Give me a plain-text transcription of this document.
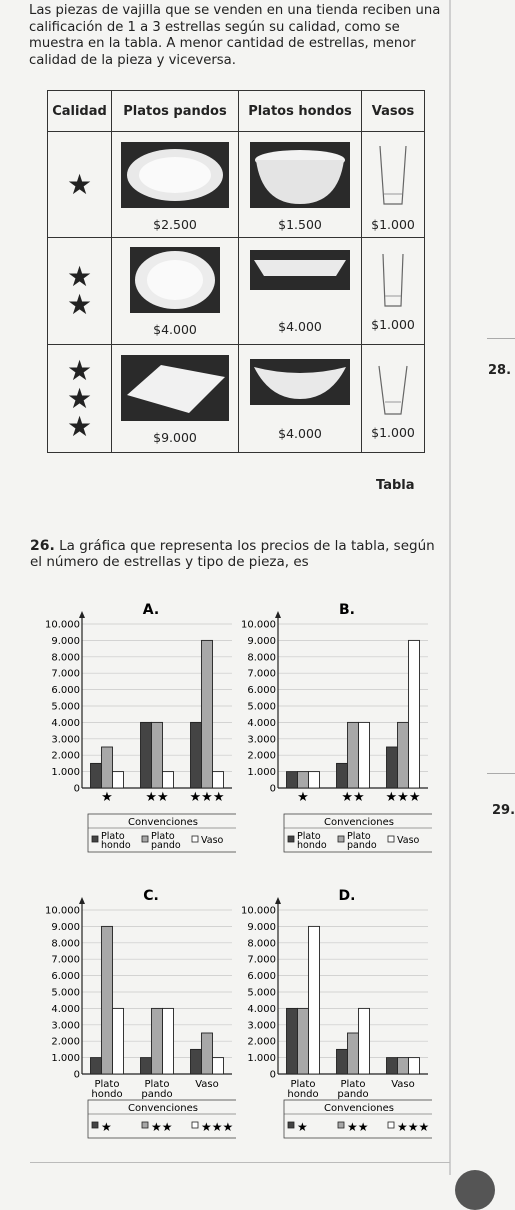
Las piezas de vajilla que se venden en una tienda reciben una calificación de 1 a 3 estrellas según su calidad, como se muestra en la tabla. A menor cantidad de estrellas, menor calidad de la pieza y viceversa.

Calidad	Platos pandos	Platos hondos	Vasos
★	$2.500	$1.500	$1.000

★★	$4.000	$4.000	$1.000

★★★	$9.000	$4.000	$1.000
Tabla
28.
29.
26. La gráfica que representa los precios de la tabla, según el número de estrellas y tipo de pieza, es
A.
0
1.000
2.000
3.000
4.000
5.000
6.000
7.000
8.000
9.000
10.000
★	★★ ★★★
Convenciones
Plato
hondo
Plato
pando Vaso
B.
0
1.000
2.000
3.000
4.000
5.000
6.000
7.000
8.000
9.000
10.000
★	★★ ★★★
Convenciones
Plato
hondo
Plato
pando Vaso
C.
0
1.000
2.000
3.000
4.000
5.000
6.000
7.000
8.000
9.000
10.000
Plato
hondo
Plato
pando
Vaso
Convenciones
★	★★ ★★★
D.
0
1.000
2.000
3.000
4.000
5.000
6.000
7.000
8.000
9.000
10.000
Plato
hondo
Plato
pando
Vaso
Convenciones
★	★★ ★★★
